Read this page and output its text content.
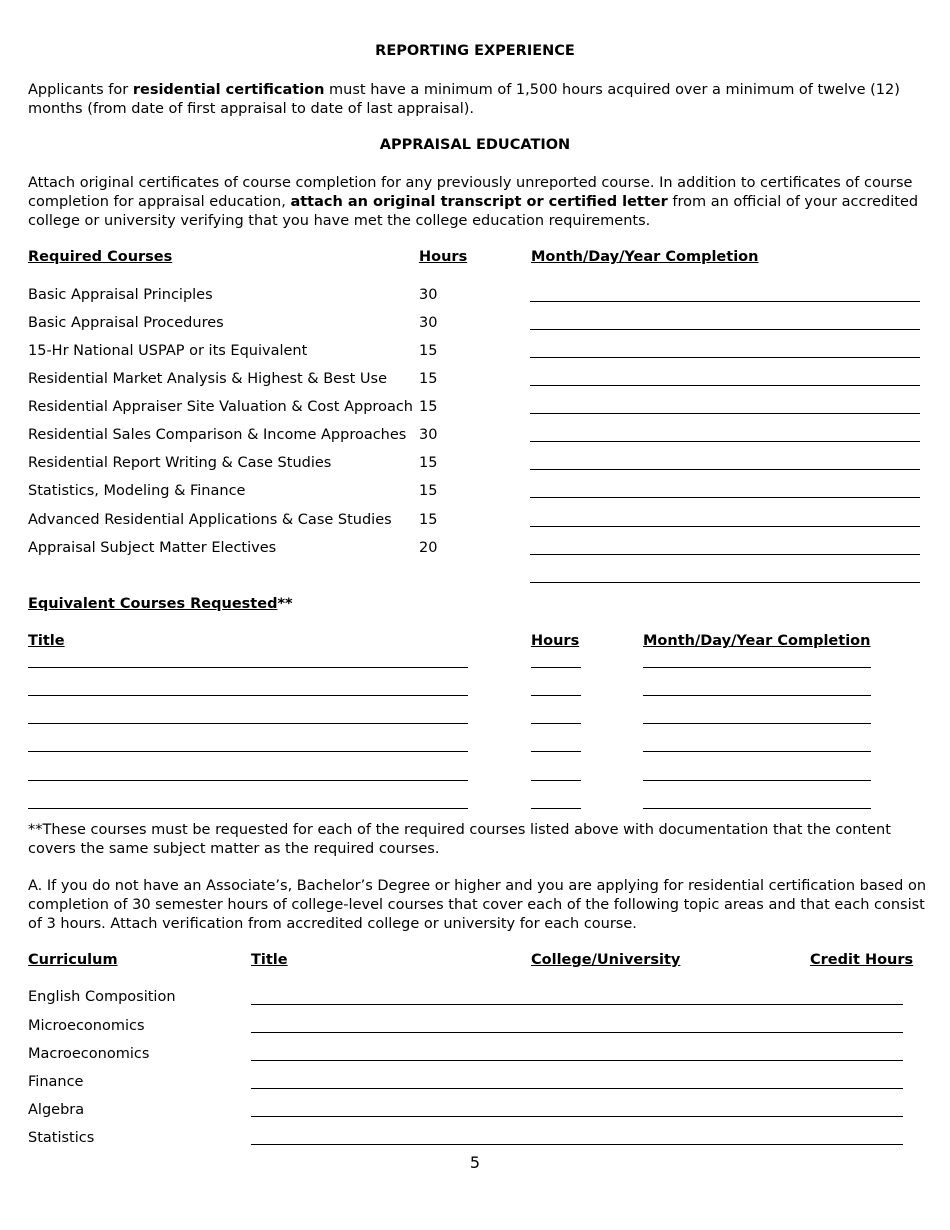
REPORTING EXPERIENCE
Applicants for residential certification must have a minimum of 1,500 hours acquired over a minimum of twelve (12) months (from date of first appraisal to date of last appraisal).
APPRAISAL EDUCATION
Attach original certificates of course completion for any previously unreported course. In addition to certificates of course completion for appraisal education, attach an original transcript or certified letter from an official of your accredited college or university verifying that you have met the college education requirements.
Required Courses	Hours	Month/Day/Year Completion
Basic Appraisal Principles	30
Basic Appraisal Procedures	30
15-Hr National USPAP or its Equivalent	15
Residential Market Analysis & Highest & Best Use 15
Residential Appraiser Site Valuation & Cost Approach 15
Residential Sales Comparison & Income Approaches 30
Residential Report Writing & Case Studies	15
Statistics, Modeling & Finance	15
Advanced Residential Applications & Case Studies 15
Appraisal Subject Matter Electives	20
Equivalent Courses Requested**
Title	Hours	Month/Day/Year Completion
**These courses must be requested for each of the required courses listed above with documentation that the content covers the same subject matter as the required courses.
A. If you do not have an Associate’s, Bachelor’s Degree or higher and you are applying for residential certification based on completion of 30 semester hours of college-level courses that cover each of the following topic areas and that each consist of 3 hours. Attach verification from accredited college or university for each course.
Curriculum	Title	College/University	Credit Hours
English Composition
Microeconomics
Macroeconomics
Finance
Algebra
Statistics
5
